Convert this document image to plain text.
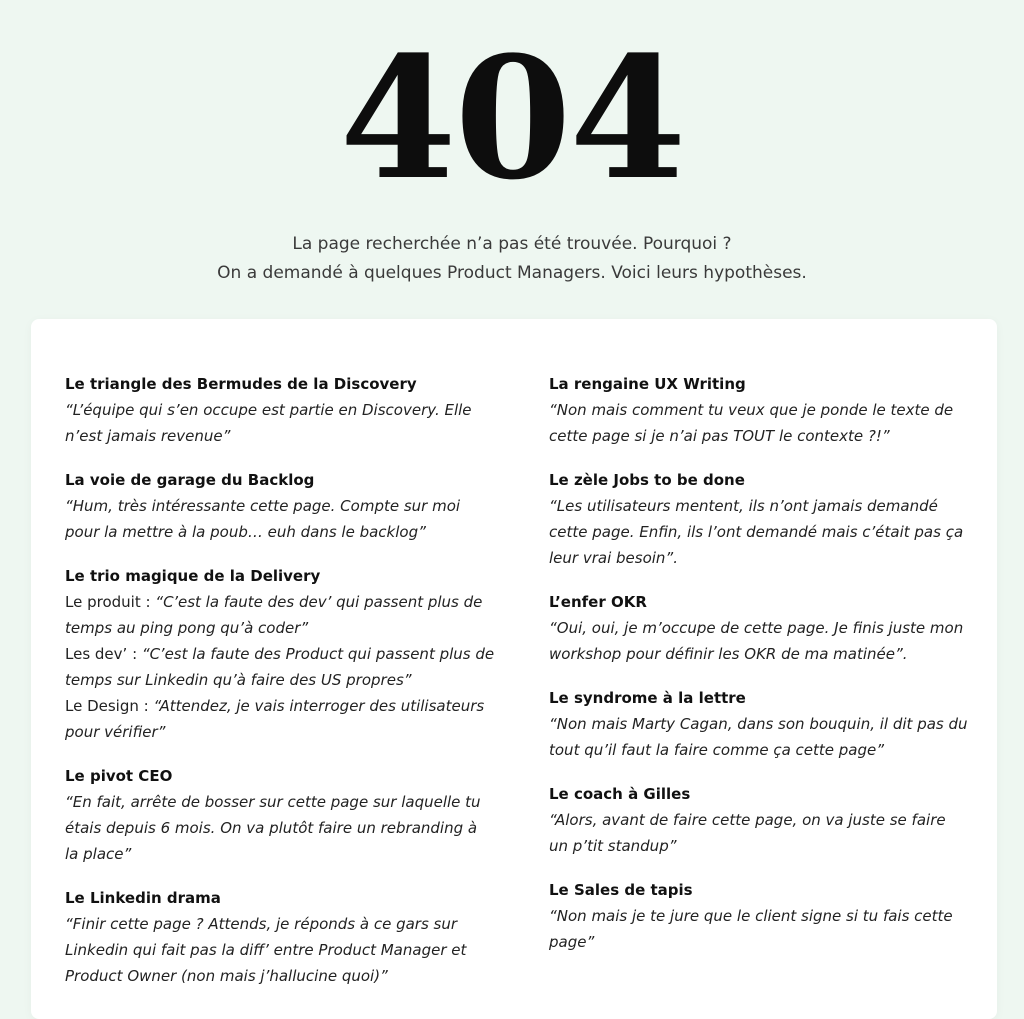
404
La page recherchée n’a pas été trouvée. Pourquoi ?
On a demandé à quelques Product Managers. Voici leurs hypothèses.
Le triangle des Bermudes de la Discovery
“L’équipe qui s’en occupe est partie en Discovery. Elle n’est jamais revenue”
La voie de garage du Backlog
“Hum, très intéressante cette page. Compte sur moi pour la mettre à la poub… euh dans le backlog”
Le trio magique de la Delivery
Le produit : “C’est la faute des dev’ qui passent plus de temps au ping pong qu’à coder”
Les dev’ : “C’est la faute des Product qui passent plus de temps sur Linkedin qu’à faire des US propres”
Le Design : “Attendez, je vais interroger des utilisateurs pour vérifier”
Le pivot CEO
“En fait, arrête de bosser sur cette page sur laquelle tu étais depuis 6 mois. On va plutôt faire un rebranding à la place”
Le Linkedin drama
“Finir cette page ? Attends, je réponds à ce gars sur Linkedin qui fait pas la diff’ entre Product Manager et Product Owner (non mais j’hallucine quoi)”
La rengaine UX Writing
“Non mais comment tu veux que je ponde le texte de cette page si je n’ai pas TOUT le contexte ?!”
Le zèle Jobs to be done
“Les utilisateurs mentent, ils n’ont jamais demandé cette page. Enfin, ils l’ont demandé mais c’était pas ça leur vrai besoin”.
L’enfer OKR
“Oui, oui, je m’occupe de cette page. Je finis juste mon workshop pour définir les OKR de ma matinée”.
Le syndrome à la lettre
“Non mais Marty Cagan, dans son bouquin, il dit pas du tout qu’il faut la faire comme ça cette page”
Le coach à Gilles
“Alors, avant de faire cette page, on va juste se faire un p’tit standup”
Le Sales de tapis
“Non mais je te jure que le client signe si tu fais cette page”
